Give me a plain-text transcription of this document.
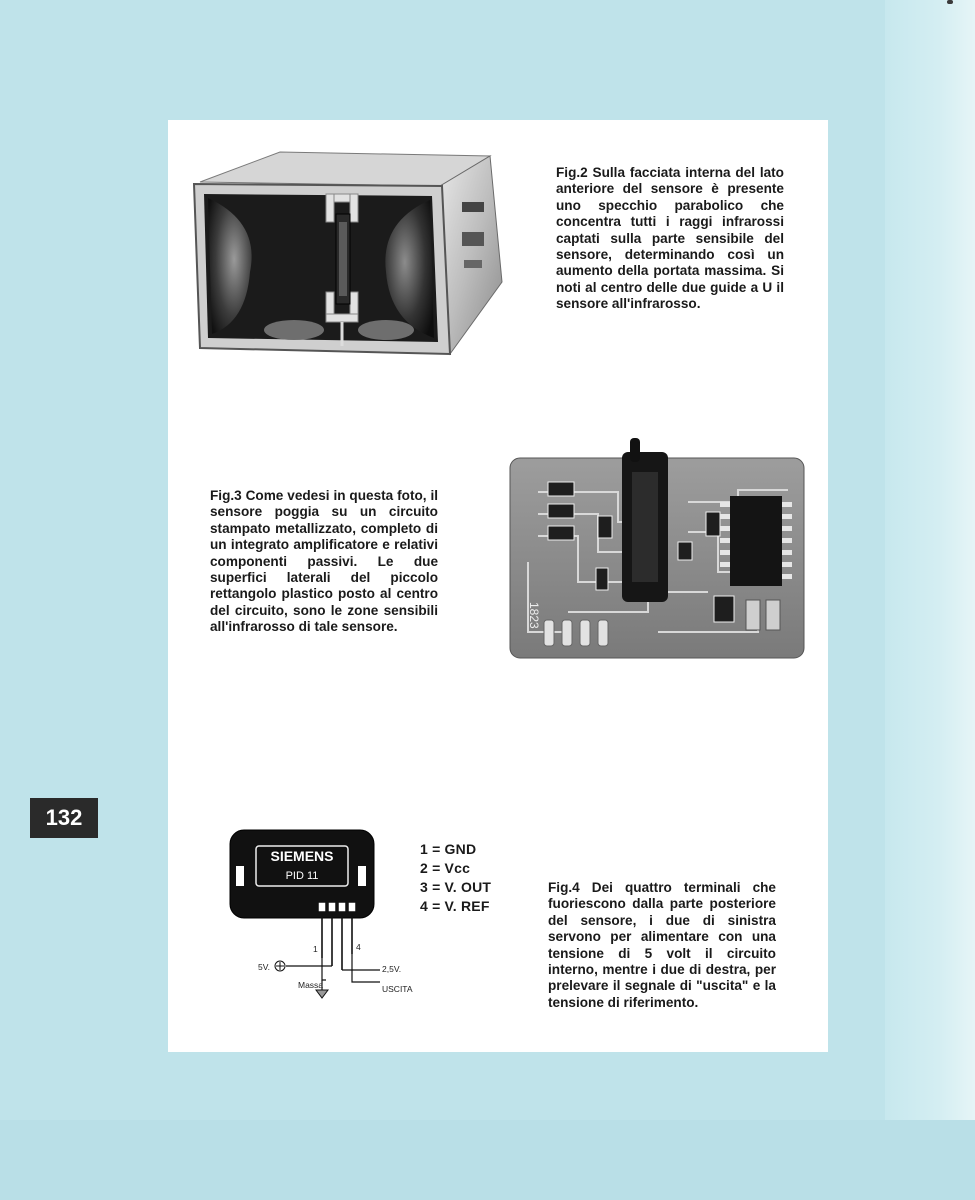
132

Fig.2 Sulla facciata interna del lato anteriore del sensore è presente uno specchio parabolico che concentra tutti i raggi infrarossi captati sulla parte sensibile del sensore, determinando così un aumento della portata massima. Si noti al centro delle due guide a U il sensore all'infrarosso.

1823

Fig.3 Come vedesi in questa foto, il sensore poggia su un circuito stampato metallizzato, completo di un integrato amplificatore e relativi componenti passivi. Le due superfici laterali del piccolo rettangolo plastico posto al centro del circuito, sono le zone sensibili all'infrarosso di tale sensore.

SIEMENS
PID 11
1	4
5V.
Massa
2,5V.
USCITA
1 = GND
2 = Vcc
3 = V. OUT
4 = V. REF

Fig.4 Dei quattro terminali che fuoriescono dalla parte posteriore del sensore, i due di sinistra servono per alimentare con una tensione di 5 volt il circuito interno, mentre i due di destra, per prelevare il segnale di "uscita" e la tensione di riferimento.
